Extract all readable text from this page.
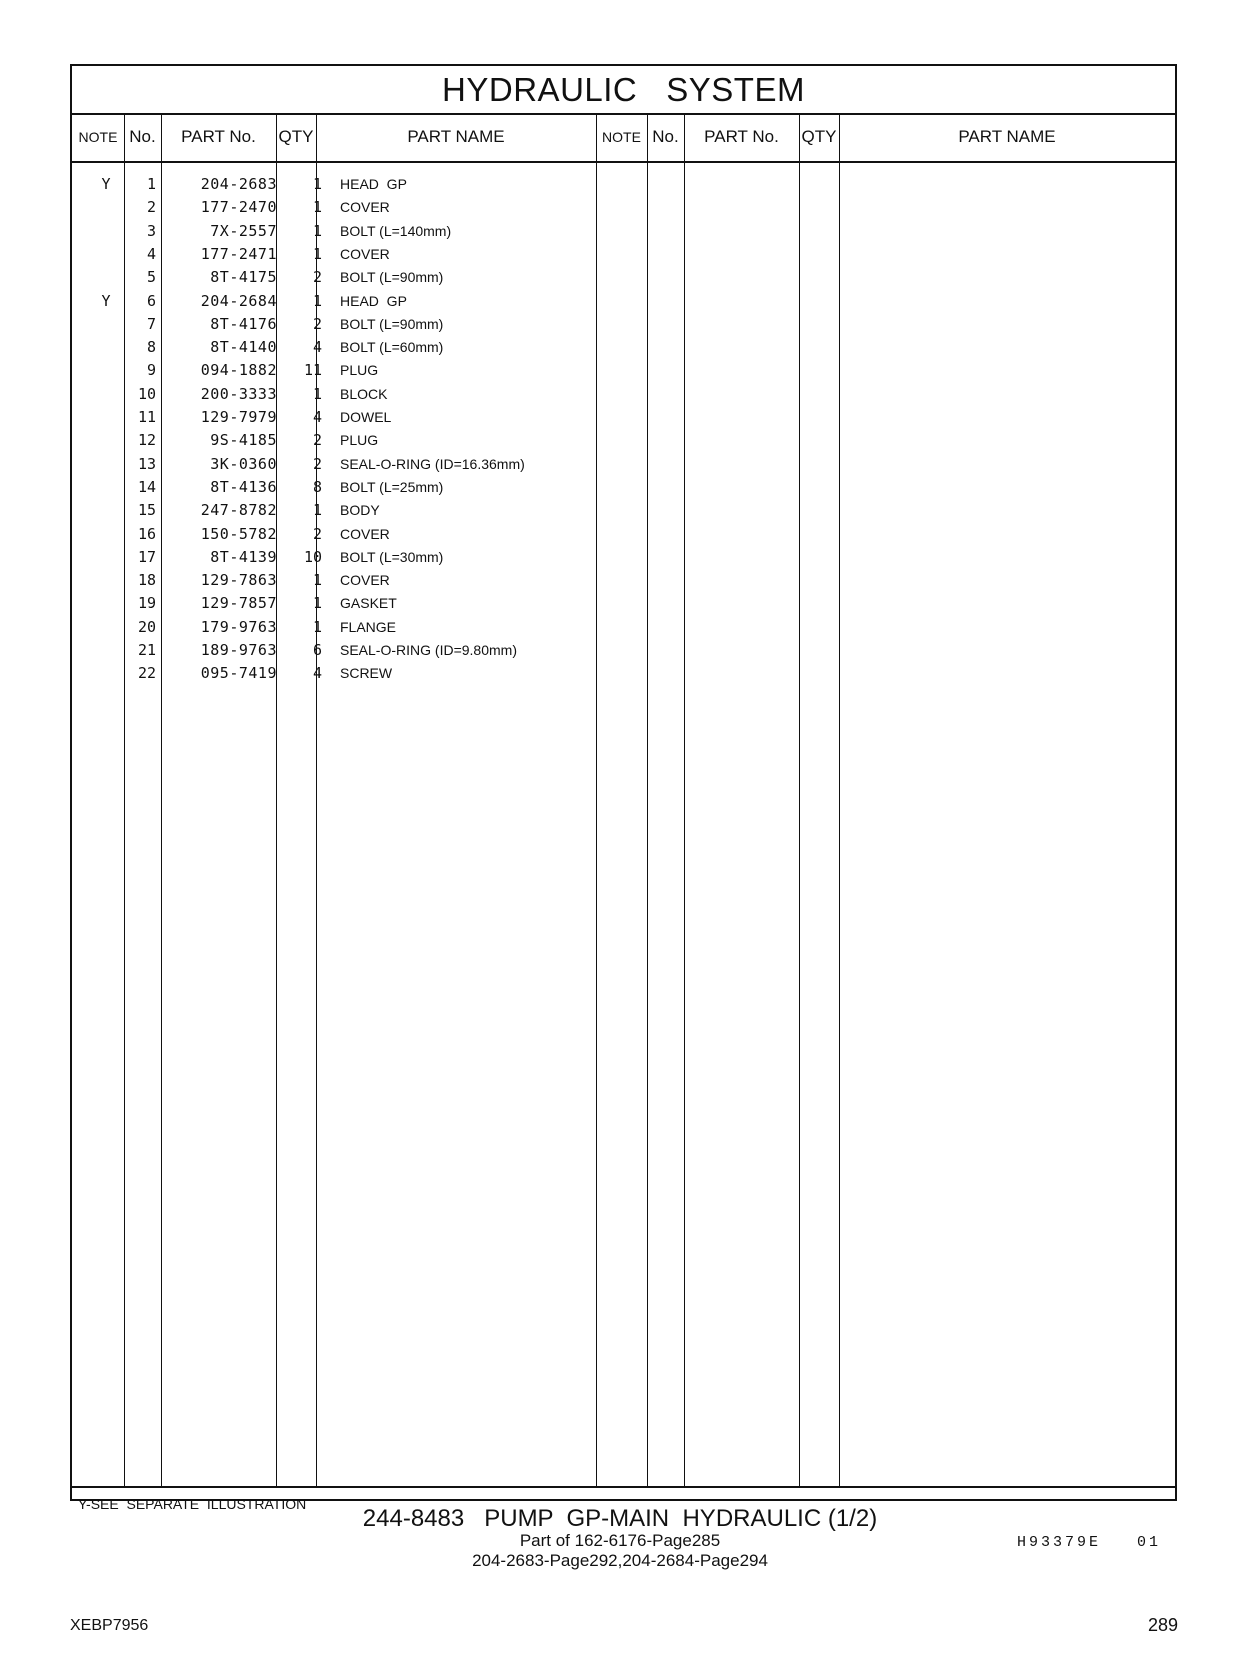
HYDRAULIC   SYSTEM
NOTE No.	PART No.	QTY	PART NAME	NOTE No.	PART No.	QTY	PART NAME
Y	1	204-2683	1 HEAD  GP
2	177-2470	1 COVER
3	7X-2557	1 BOLT (L=140mm)
4	177-2471	1 COVER
5	8T-4175	2 BOLT (L=90mm)
Y	6	204-2684	1 HEAD  GP
7	8T-4176	2 BOLT (L=90mm)
8	8T-4140	4 BOLT (L=60mm)
9	094-1882	11 PLUG
10	200-3333	1 BLOCK
11	129-7979	4 DOWEL
12	9S-4185	2 PLUG
13	3K-0360	2 SEAL-O-RING (ID=16.36mm)
14	8T-4136	8 BOLT (L=25mm)
15	247-8782	1 BODY
16	150-5782	2 COVER
17	8T-4139	10 BOLT (L=30mm)
18	129-7863	1 COVER
19	129-7857	1 GASKET
20	179-9763	1 FLANGE
21	189-9763	6 SEAL-O-RING (ID=9.80mm)
22	095-7419	4 SCREW
Y-SEE  SEPARATE  ILLUSTRATION
H93379E   01
244-8483   PUMP  GP-MAIN  HYDRAULIC (1/2)
Part of 162-6176-Page285
204-2683-Page292,204-2684-Page294
XEBP7956	289
